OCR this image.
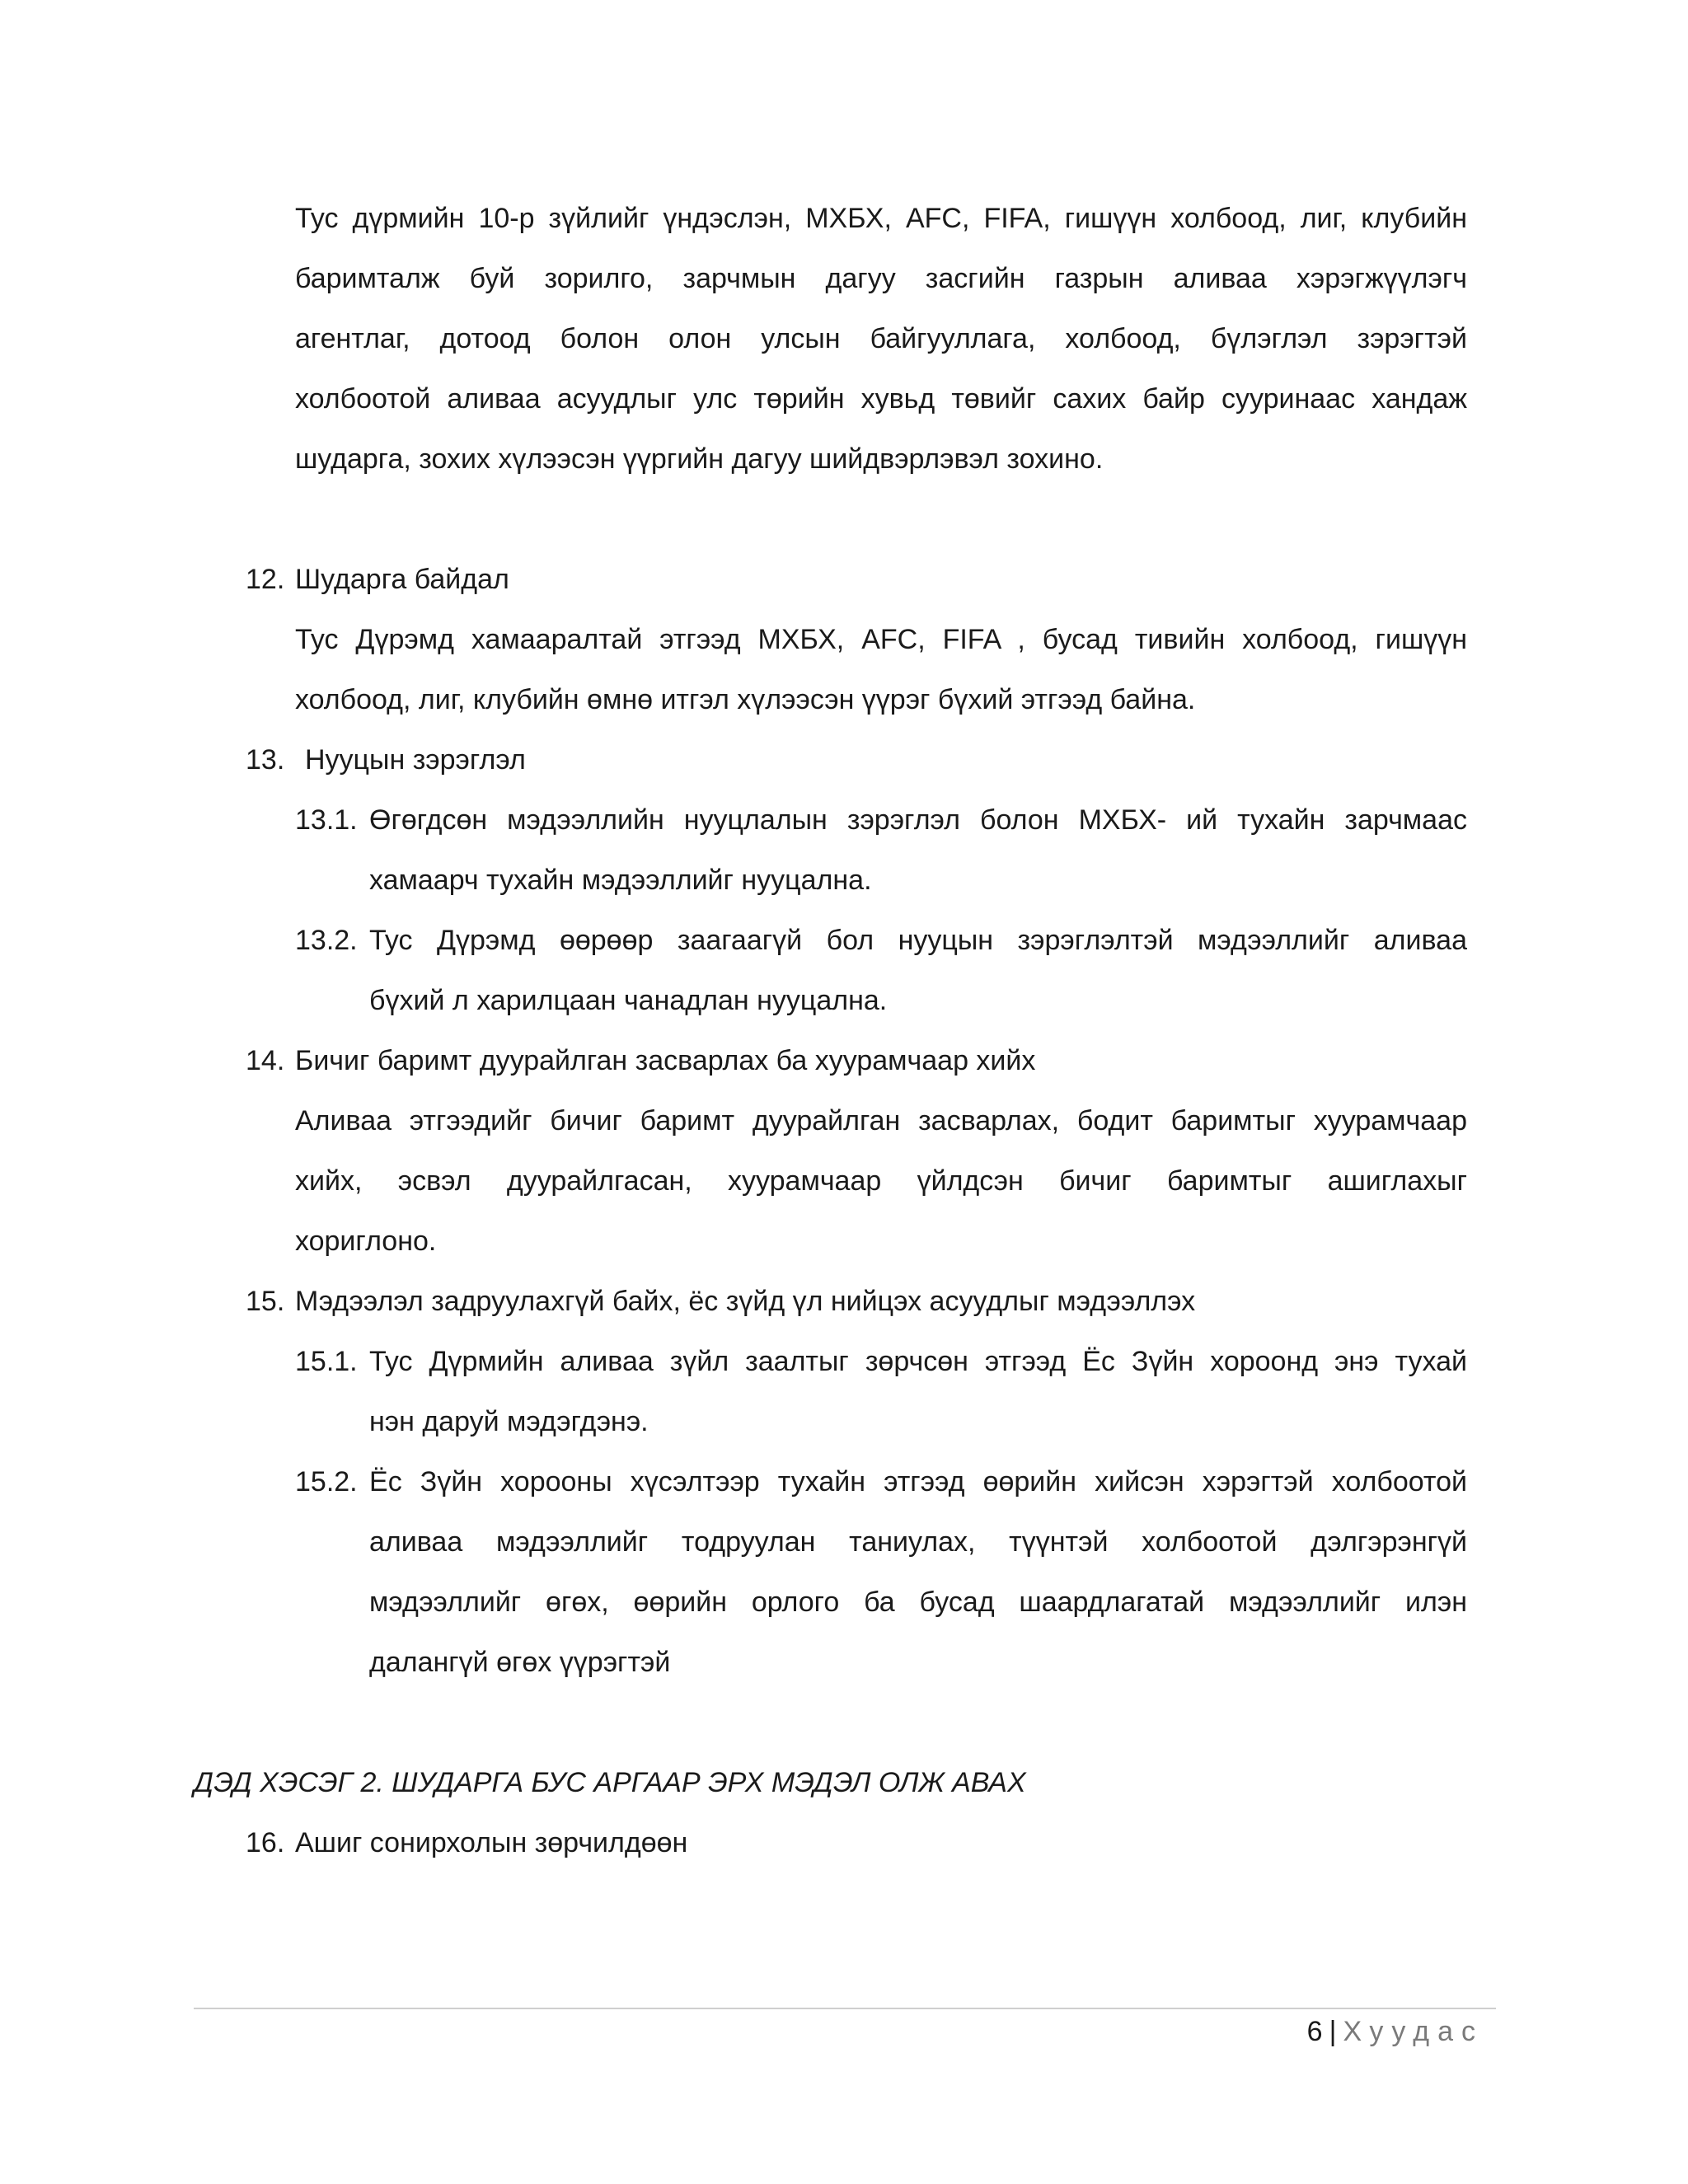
Тус дүрмийн 10-р зүйлийг үндэслэн, МХБХ, AFC, FIFA, гишүүн холбоод, лиг, клубийн
баримталж буй зорилго, зарчмын дагуу засгийн газрын аливаа хэрэгжүүлэгч
агентлаг, дотоод болон олон улсын байгууллага, холбоод, бүлэглэл зэрэгтэй
холбоотой аливаа асуудлыг улс төрийн хувьд төвийг сахих байр сууринаас хандаж
шударга, зохих хүлээсэн үүргийн дагуу шийдвэрлэвэл зохино.
12. Шударга байдал
Тус Дүрэмд хамааралтай этгээд МХБХ, AFC, FIFA , бусад тивийн холбоод, гишүүн
холбоод, лиг, клубийн өмнө итгэл хүлээсэн үүрэг бүхий этгээд байна.
13. Нууцын зэрэглэл
13.1. Өгөгдсөн мэдээллийн нууцлалын зэрэглэл болон МХБХ- ий тухайн зарчмаас
хамаарч тухайн мэдээллийг нууцална.
13.2. Тус Дүрэмд өөрөөр заагаагүй бол нууцын зэрэглэлтэй мэдээллийг аливаа
бүхий л харилцаан чанадлан нууцална.
14. Бичиг баримт дуурайлган засварлах ба хуурамчаар хийх
Аливаа этгээдийг бичиг баримт дуурайлган засварлах, бодит баримтыг хуурамчаар
хийх, эсвэл дуурайлгасан, хуурамчаар үйлдсэн бичиг баримтыг ашиглахыг
хориглоно.
15. Мэдээлэл задруулахгүй байх, ёс зүйд үл нийцэх асуудлыг мэдээллэх
15.1. Тус Дүрмийн аливаа зүйл заалтыг зөрчсөн этгээд Ёс Зүйн хороонд энэ тухай
нэн даруй мэдэгдэнэ.
15.2. Ёс Зүйн хорооны хүсэлтээр тухайн этгээд өөрийн хийсэн хэрэгтэй холбоотой
аливаа мэдээллийг тодруулан таниулах, түүнтэй холбоотой дэлгэрэнгүй
мэдээллийг өгөх, өөрийн орлого ба бусад шаардлагатай мэдээллийг илэн
далангүй өгөх үүрэгтэй
ДЭД ХЭСЭГ 2. ШУДАРГА БУС АРГААР ЭРХ МЭДЭЛ ОЛЖ АВАХ
16. Ашиг сонирхолын зөрчилдөөн
6 | Хуудас
